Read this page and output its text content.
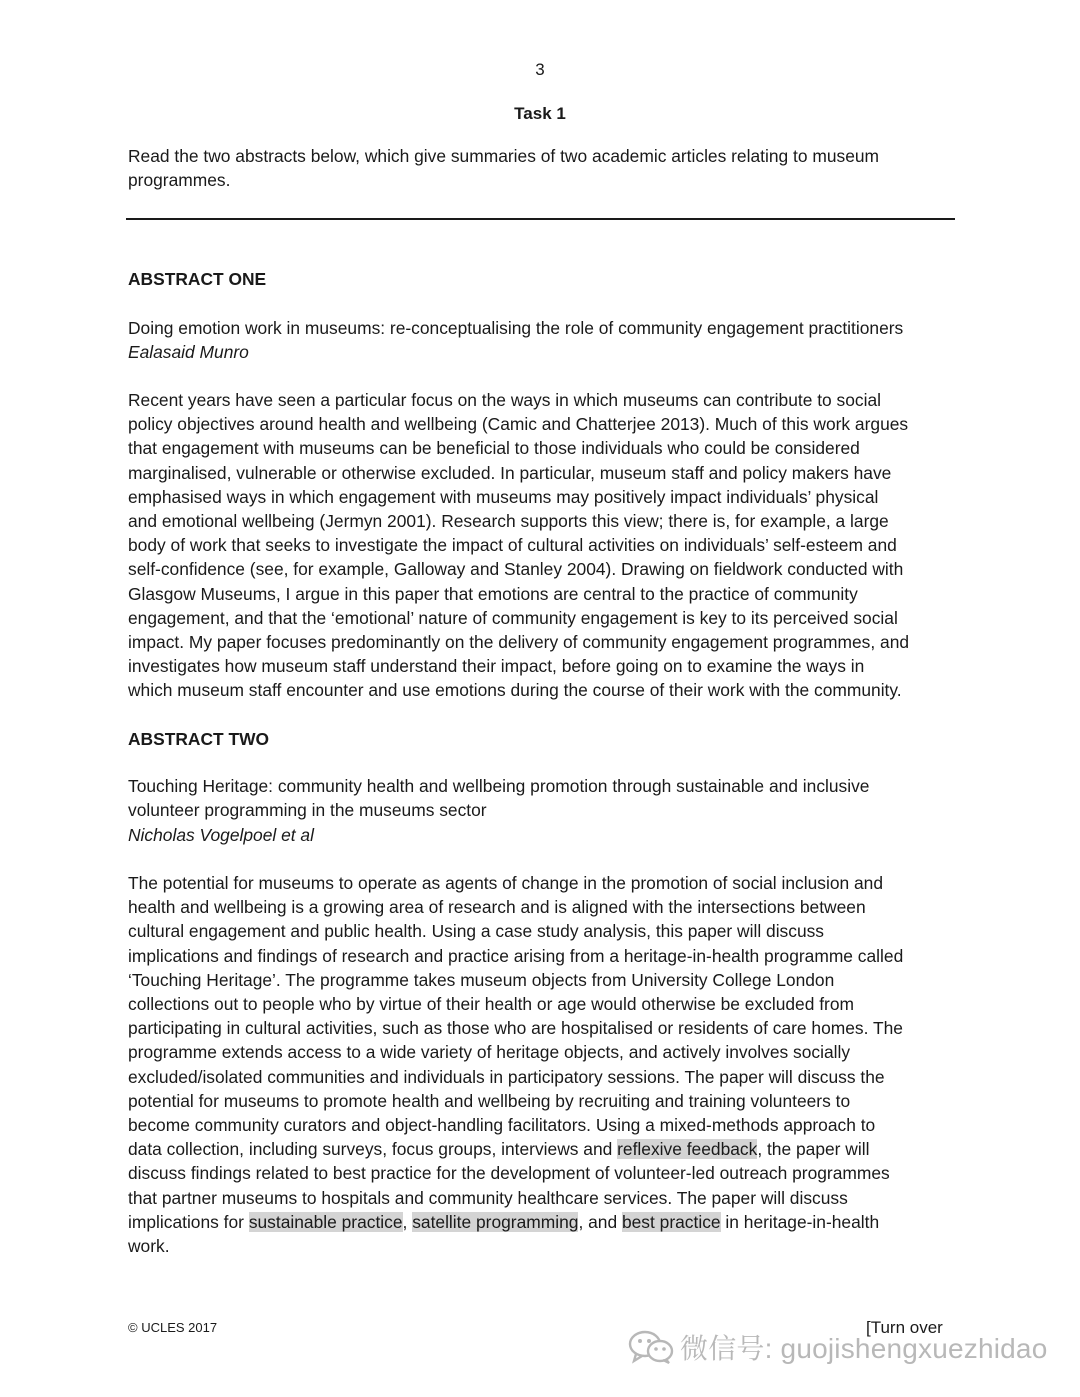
3
Task 1
Read the two abstracts below, which give summaries of two academic articles relating to museum
programmes.
ABSTRACT ONE
Doing emotion work in museums: re-conceptualising the role of community engagement practitioners
Ealasaid Munro
Recent years have seen a particular focus on the ways in which museums can contribute to social
policy objectives around health and wellbeing (Camic and Chatterjee 2013). Much of this work argues
that engagement with museums can be beneficial to those individuals who could be considered
marginalised, vulnerable or otherwise excluded. In particular, museum staff and policy makers have
emphasised ways in which engagement with museums may positively impact individuals’ physical
and emotional wellbeing (Jermyn 2001). Research supports this view; there is, for example, a large
body of work that seeks to investigate the impact of cultural activities on individuals’ self-esteem and
self-confidence (see, for example, Galloway and Stanley 2004). Drawing on fieldwork conducted with
Glasgow Museums, I argue in this paper that emotions are central to the practice of community
engagement, and that the ‘emotional’ nature of community engagement is key to its perceived social
impact. My paper focuses predominantly on the delivery of community engagement programmes, and
investigates how museum staff understand their impact, before going on to examine the ways in
which museum staff encounter and use emotions during the course of their work with the community.
ABSTRACT TWO
Touching Heritage: community health and wellbeing promotion through sustainable and inclusive
volunteer programming in the museums sector
Nicholas Vogelpoel et al
The potential for museums to operate as agents of change in the promotion of social inclusion and
health and wellbeing is a growing area of research and is aligned with the intersections between
cultural engagement and public health. Using a case study analysis, this paper will discuss
implications and findings of research and practice arising from a heritage-in-health programme called
‘Touching Heritage’. The programme takes museum objects from University College London
collections out to people who by virtue of their health or age would otherwise be excluded from
participating in cultural activities, such as those who are hospitalised or residents of care homes. The
programme extends access to a wide variety of heritage objects, and actively involves socially
excluded/isolated communities and individuals in participatory sessions. The paper will discuss the
potential for museums to promote health and wellbeing by recruiting and training volunteers to
become community curators and object-handling facilitators. Using a mixed-methods approach to
data collection, including surveys, focus groups, interviews and reflexive feedback, the paper will
discuss findings related to best practice for the development of volunteer-led outreach programmes
that partner museums to hospitals and community healthcare services. The paper will discuss
implications for sustainable practice, satellite programming, and best practice in heritage-in-health
work.
© UCLES 2017	[Turn over
微信号: guojishengxuezhidao
